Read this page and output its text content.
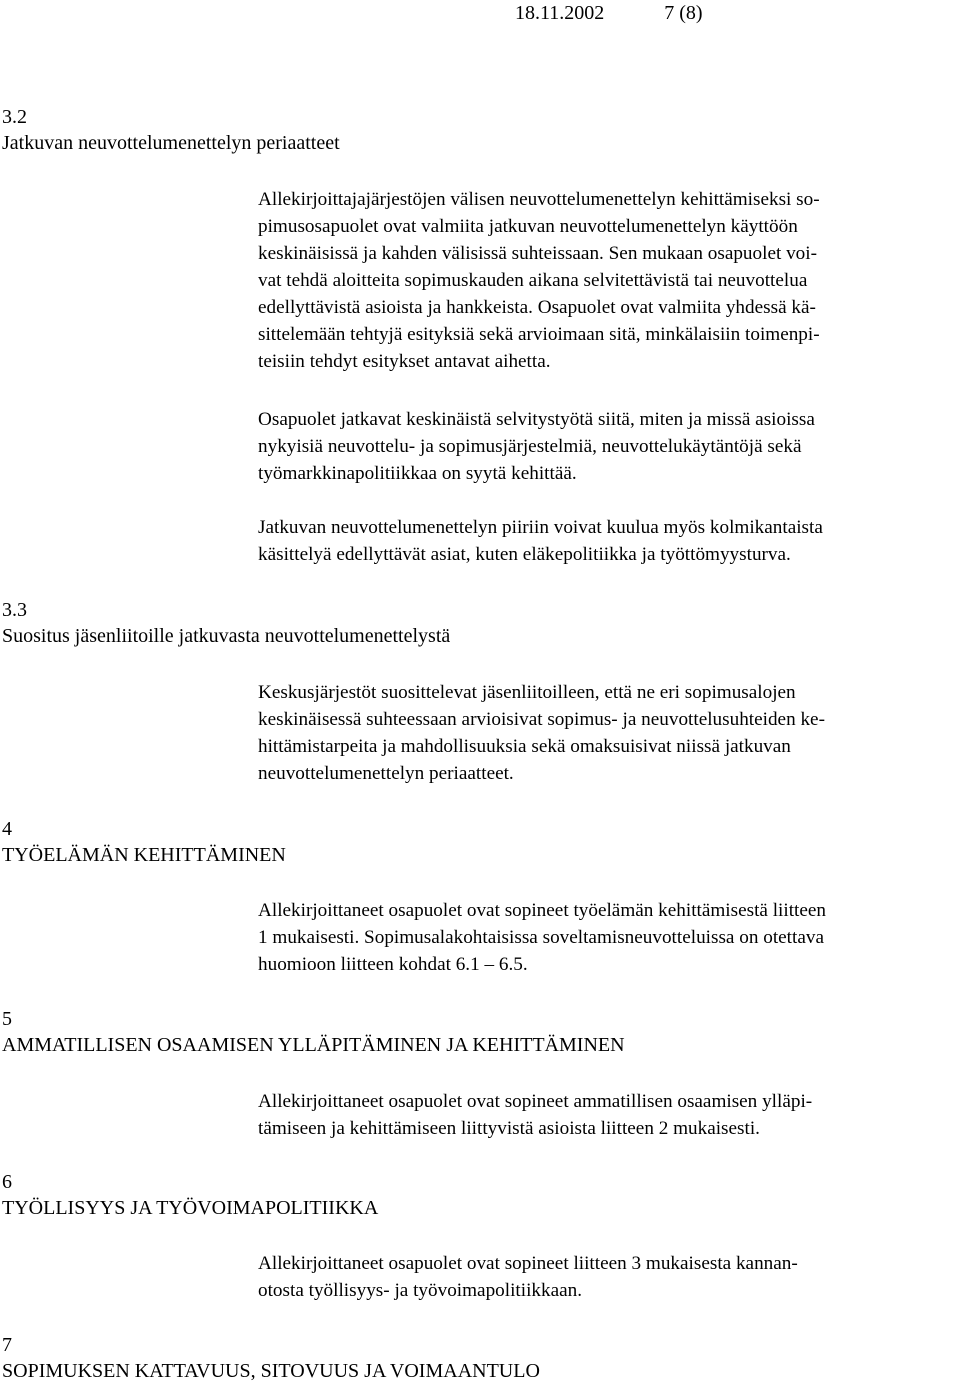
18.11.2002	7 (8)
3.2
Jatkuvan neuvottelumenettelyn periaatteet
Allekirjoittajajärjestöjen välisen neuvottelumenettelyn kehittämiseksi so-
pimusosapuolet ovat valmiita jatkuvan neuvottelumenettelyn käyttöön
keskinäisissä ja kahden välisissä suhteissaan. Sen mukaan osapuolet voi-
vat tehdä aloitteita sopimuskauden aikana selvitettävistä tai neuvottelua
edellyttävistä asioista ja hankkeista. Osapuolet ovat valmiita yhdessä kä-
sittelemään tehtyjä esityksiä sekä arvioimaan sitä, minkälaisiin toimenpi-
teisiin tehdyt esitykset antavat aihetta.
Osapuolet jatkavat keskinäistä selvitystyötä siitä, miten ja missä asioissa
nykyisiä neuvottelu- ja sopimusjärjestelmiä, neuvottelukäytäntöjä sekä
työmarkkinapolitiikkaa on syytä kehittää.
Jatkuvan neuvottelumenettelyn piiriin voivat kuulua myös kolmikantaista
käsittelyä edellyttävät asiat, kuten eläkepolitiikka ja työttömyysturva.
3.3
Suositus jäsenliitoille jatkuvasta neuvottelumenettelystä
Keskusjärjestöt suosittelevat jäsenliitoilleen, että ne eri sopimusalojen
keskinäisessä suhteessaan arvioisivat sopimus- ja neuvottelusuhteiden ke-
hittämistarpeita ja mahdollisuuksia sekä omaksuisivat niissä jatkuvan
neuvottelumenettelyn periaatteet.
4
TYÖELÄMÄN KEHITTÄMINEN
Allekirjoittaneet osapuolet ovat sopineet työelämän kehittämisestä liitteen
1 mukaisesti. Sopimusalakohtaisissa soveltamisneuvotteluissa on otettava
huomioon liitteen kohdat 6.1 – 6.5.
5
AMMATILLISEN OSAAMISEN YLLÄPITÄMINEN JA KEHITTÄMINEN
Allekirjoittaneet osapuolet ovat sopineet ammatillisen osaamisen ylläpi-
tämiseen ja kehittämiseen liittyvistä asioista liitteen 2 mukaisesti.
6
TYÖLLISYYS JA TYÖVOIMAPOLITIIKKA
Allekirjoittaneet osapuolet ovat sopineet liitteen 3 mukaisesta kannan-
otosta työllisyys- ja työvoimapolitiikkaan.
7
SOPIMUKSEN KATTAVUUS, SITOVUUS JA VOIMAANTULO
